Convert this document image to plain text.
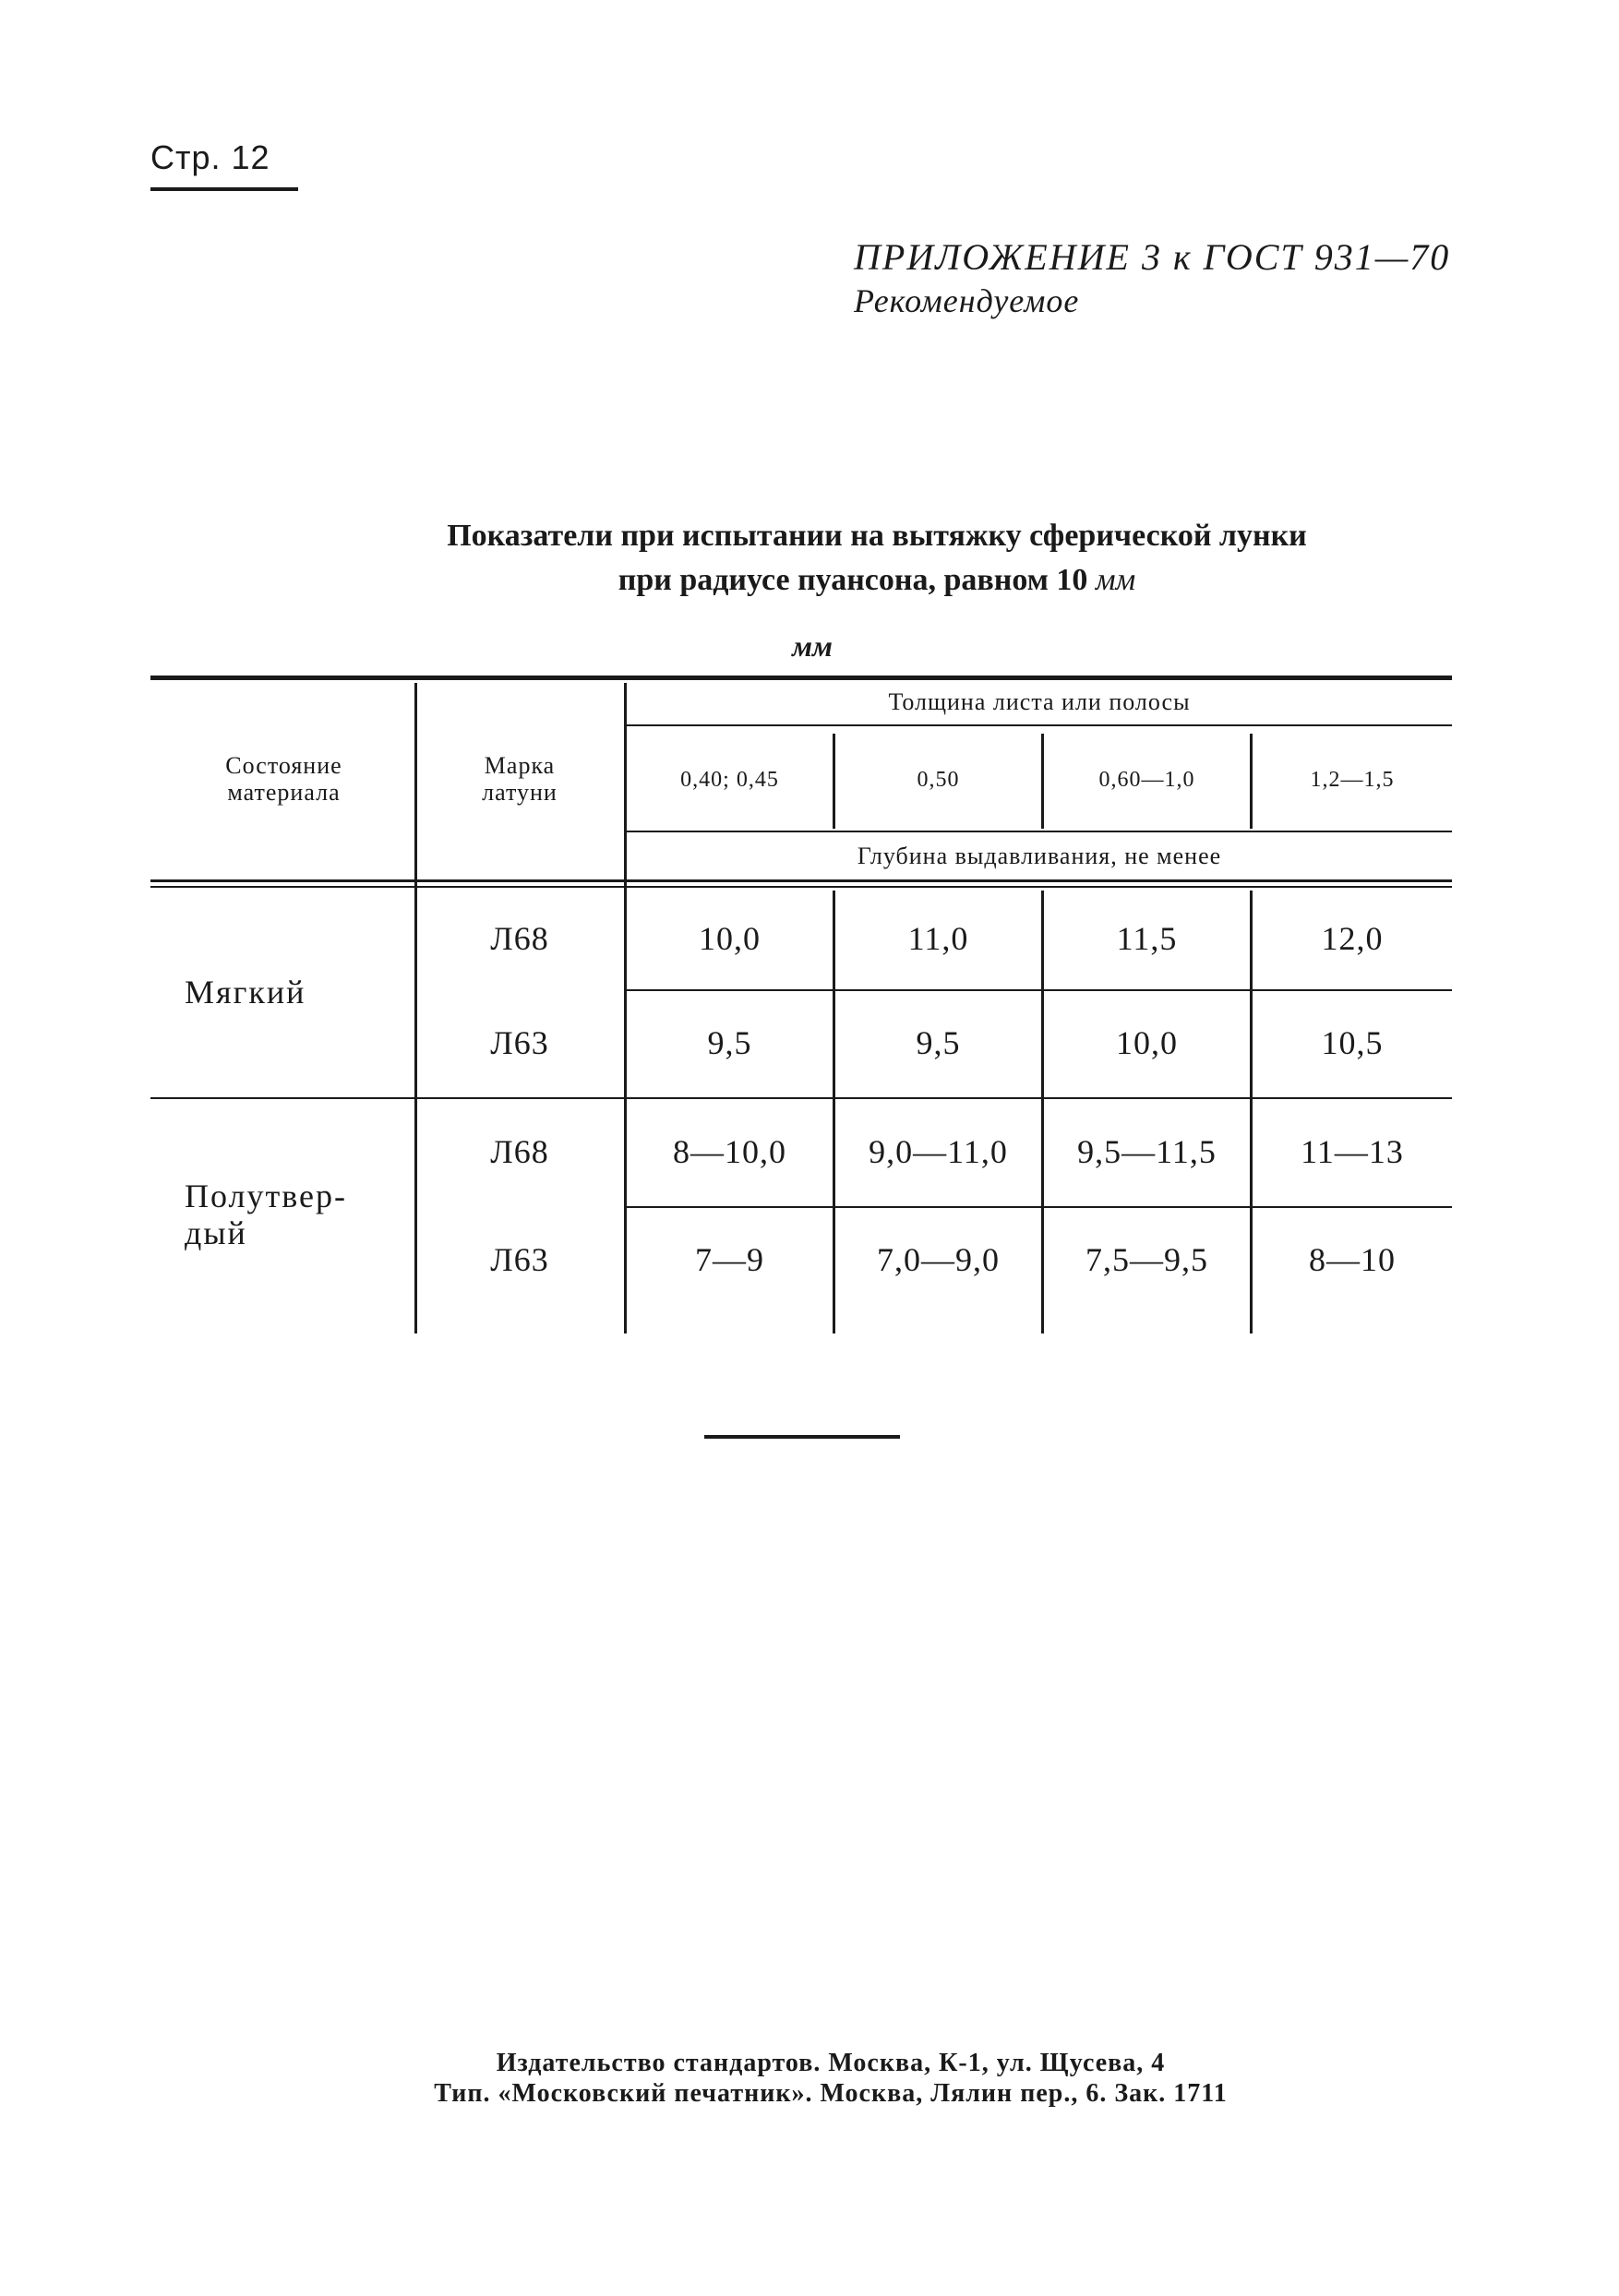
Стр. 12
ПРИЛОЖЕНИЕ 3 к ГОСТ 931—70
Рекомендуемое
Показатели при испытании на вытяжку сферической лунки
при радиусе пуансона, равном 10 мм
мм
Состояние материала
Марка латуни
Толщина листа или полосы
0,40; 0,45	0,50	0,60—1,0	1,2—1,5
Глубина выдавливания, не менее
Мягкий
Л68	10,0	11,0	11,5	12,0
Л63	9,5	9,5	10,0	10,5
Полутвер-
дый
Л68	8—10,0	9,0—11,0	9,5—11,5	11—13
Л63	7—9	7,0—9,0	7,5—9,5	8—10
Издательство стандартов. Москва, К-1, ул. Щусева, 4
Тип. «Московский печатник». Москва, Лялин пер., 6. Зак. 1711
